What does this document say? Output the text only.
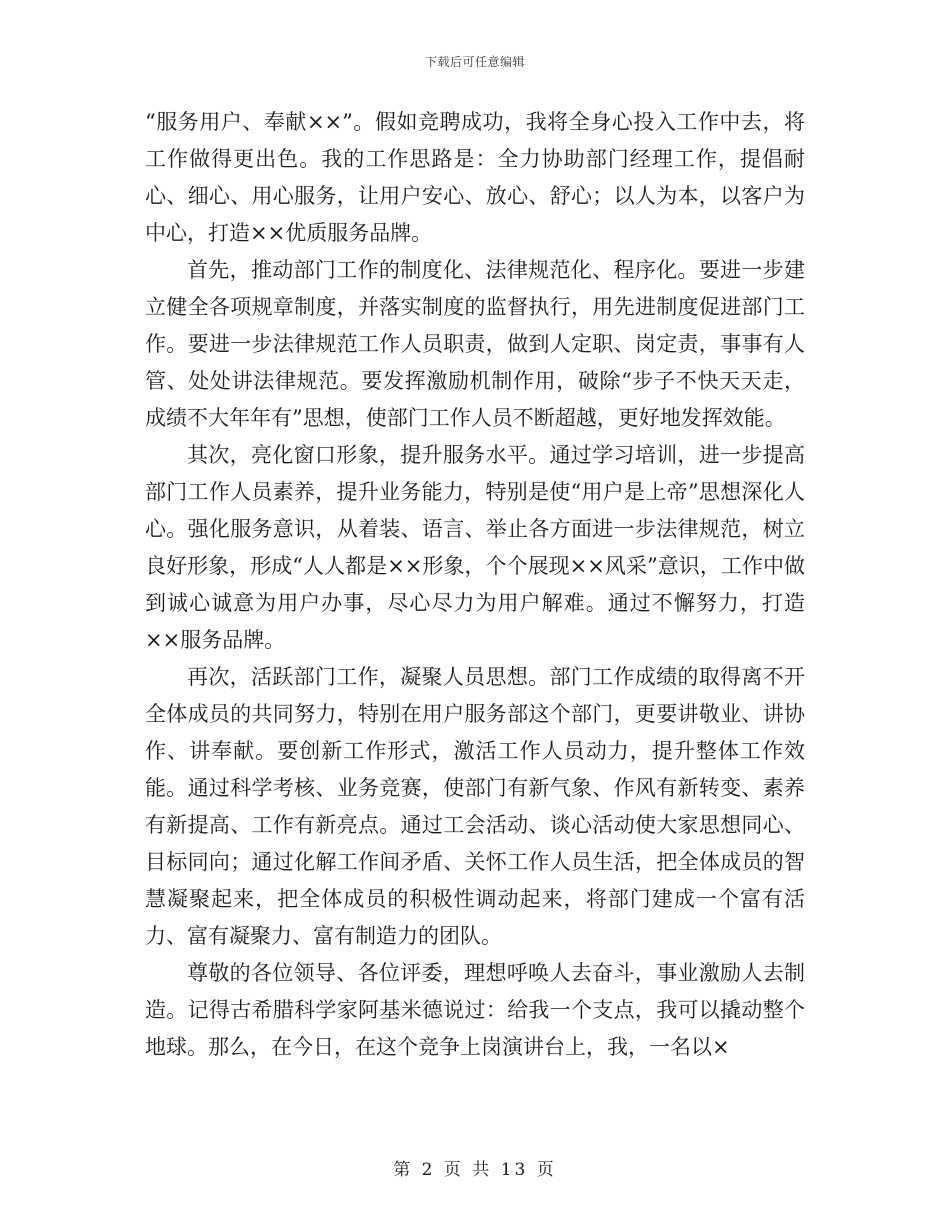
下载后可任意编辑

“服务用户、奉献××”。假如竞聘成功，我将全身心投入工作中去，将工作做得更出色。我的工作思路是：全力协助部门经理工作，提倡耐心、细心、用心服务，让用户安心、放心、舒心；以人为本，以客户为中心，打造××优质服务品牌。

首先，推动部门工作的制度化、法律规范化、程序化。要进一步建立健全各项规章制度，并落实制度的监督执行，用先进制度促进部门工作。要进一步法律规范工作人员职责，做到人定职、岗定责，事事有人管、处处讲法律规范。要发挥激励机制作用，破除“步子不快天天走，成绩不大年年有”思想，使部门工作人员不断超越，更好地发挥效能。

其次，亮化窗口形象，提升服务水平。通过学习培训，进一步提高部门工作人员素养，提升业务能力，特别是使“用户是上帝”思想深化人心。强化服务意识，从着装、语言、举止各方面进一步法律规范，树立良好形象，形成“人人都是××形象，个个展现××风采”意识，工作中做到诚心诚意为用户办事，尽心尽力为用户解难。通过不懈努力，打造××服务品牌。

再次，活跃部门工作，凝聚人员思想。部门工作成绩的取得离不开全体成员的共同努力，特别在用户服务部这个部门，更要讲敬业、讲协作、讲奉献。要创新工作形式，激活工作人员动力，提升整体工作效能。通过科学考核、业务竞赛，使部门有新气象、作风有新转变、素养有新提高、工作有新亮点。通过工会活动、谈心活动使大家思想同心、目标同向；通过化解工作间矛盾、关怀工作人员生活，把全体成员的智慧凝聚起来，把全体成员的积极性调动起来，将部门建成一个富有活力、富有凝聚力、富有制造力的团队。

尊敬的各位领导、各位评委，理想呼唤人去奋斗，事业激励人去制造。记得古希腊科学家阿基米德说过：给我一个支点，我可以撬动整个地球。那么，在今日，在这个竞争上岗演讲台上，我，一名以×

第 2 页 共 13 页
